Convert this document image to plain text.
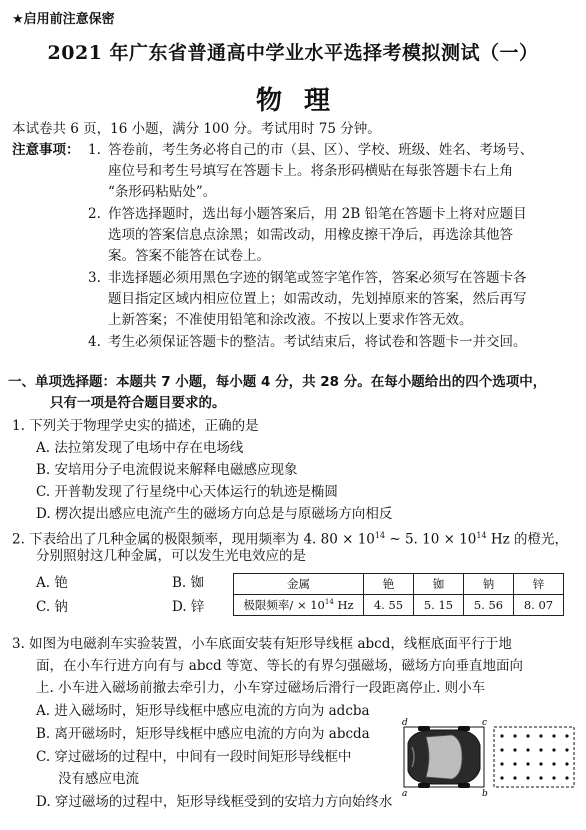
★启用前注意保密
2021 年广东省普通高中学业水平选择考模拟测试（一）
物理
本试卷共 6 页，16 小题，满分 100 分。考试用时 75 分钟。
注意事项： 1. 答卷前，考生务必将自己的市（县、区）、学校、班级、姓名、考场号、
座位号和考生号填写在答题卡上。将条形码横贴在每张答题卡右上角
“条形码粘贴处”。
2. 作答选择题时，选出每小题答案后，用 2B 铅笔在答题卡上将对应题目
选项的答案信息点涂黑；如需改动，用橡皮擦干净后，再选涂其他答
案。答案不能答在试卷上。
3. 非选择题必须用黑色字迹的钢笔或签字笔作答，答案必须写在答题卡各
题目指定区域内相应位置上；如需改动，先划掉原来的答案，然后再写
上新答案；不准使用铅笔和涂改液。不按以上要求作答无效。
4. 考生必须保证答题卡的整洁。考试结束后，将试卷和答题卡一并交回。
一、单项选择题：本题共 7 小题，每小题 4 分，共 28 分。在每小题给出的四个选项中，
只有一项是符合题目要求的。
1. 下列关于物理学史实的描述，正确的是
A. 法拉第发现了电场中存在电场线
B. 安培用分子电流假说来解释电磁感应现象
C. 开普勒发现了行星绕中心天体运行的轨迹是椭圆
D. 楞次提出感应电流产生的磁场方向总是与原磁场方向相反
2. 下表给出了几种金属的极限频率，现用频率为 4. $80 \times 10^{14}$ ~ 5. $10 \times 10^{14}$ Hz 的橙光，
分别照射这几种金属，可以发生光电效应的是
A. 铯	B. 铷
C. 钠	D. 锌
金属	铯	铷	钠	锌
极限频率/ × $10^{14}$ Hz	4. 55	5. 15	5. 56	8. 07
3. 如图为电磁刹车实验装置，小车底面安装有矩形导线框 abcd，线框底面平行于地
面，在小车行进方向有与 abcd 等宽、等长的有界匀强磁场，磁场方向垂直地面向
上. 小车进入磁场前撤去牵引力，小车穿过磁场后滑行一段距离停止. 则小车
A. 进入磁场时，矩形导线框中感应电流的方向为 adcba
B. 离开磁场时，矩形导线框中感应电流的方向为 abcda
C. 穿过磁场的过程中，中间有一段时间矩形导线框中
没有感应电流
D. 穿过磁场的过程中，矩形导线框受到的安培力方向始终水
d	c
a	b
